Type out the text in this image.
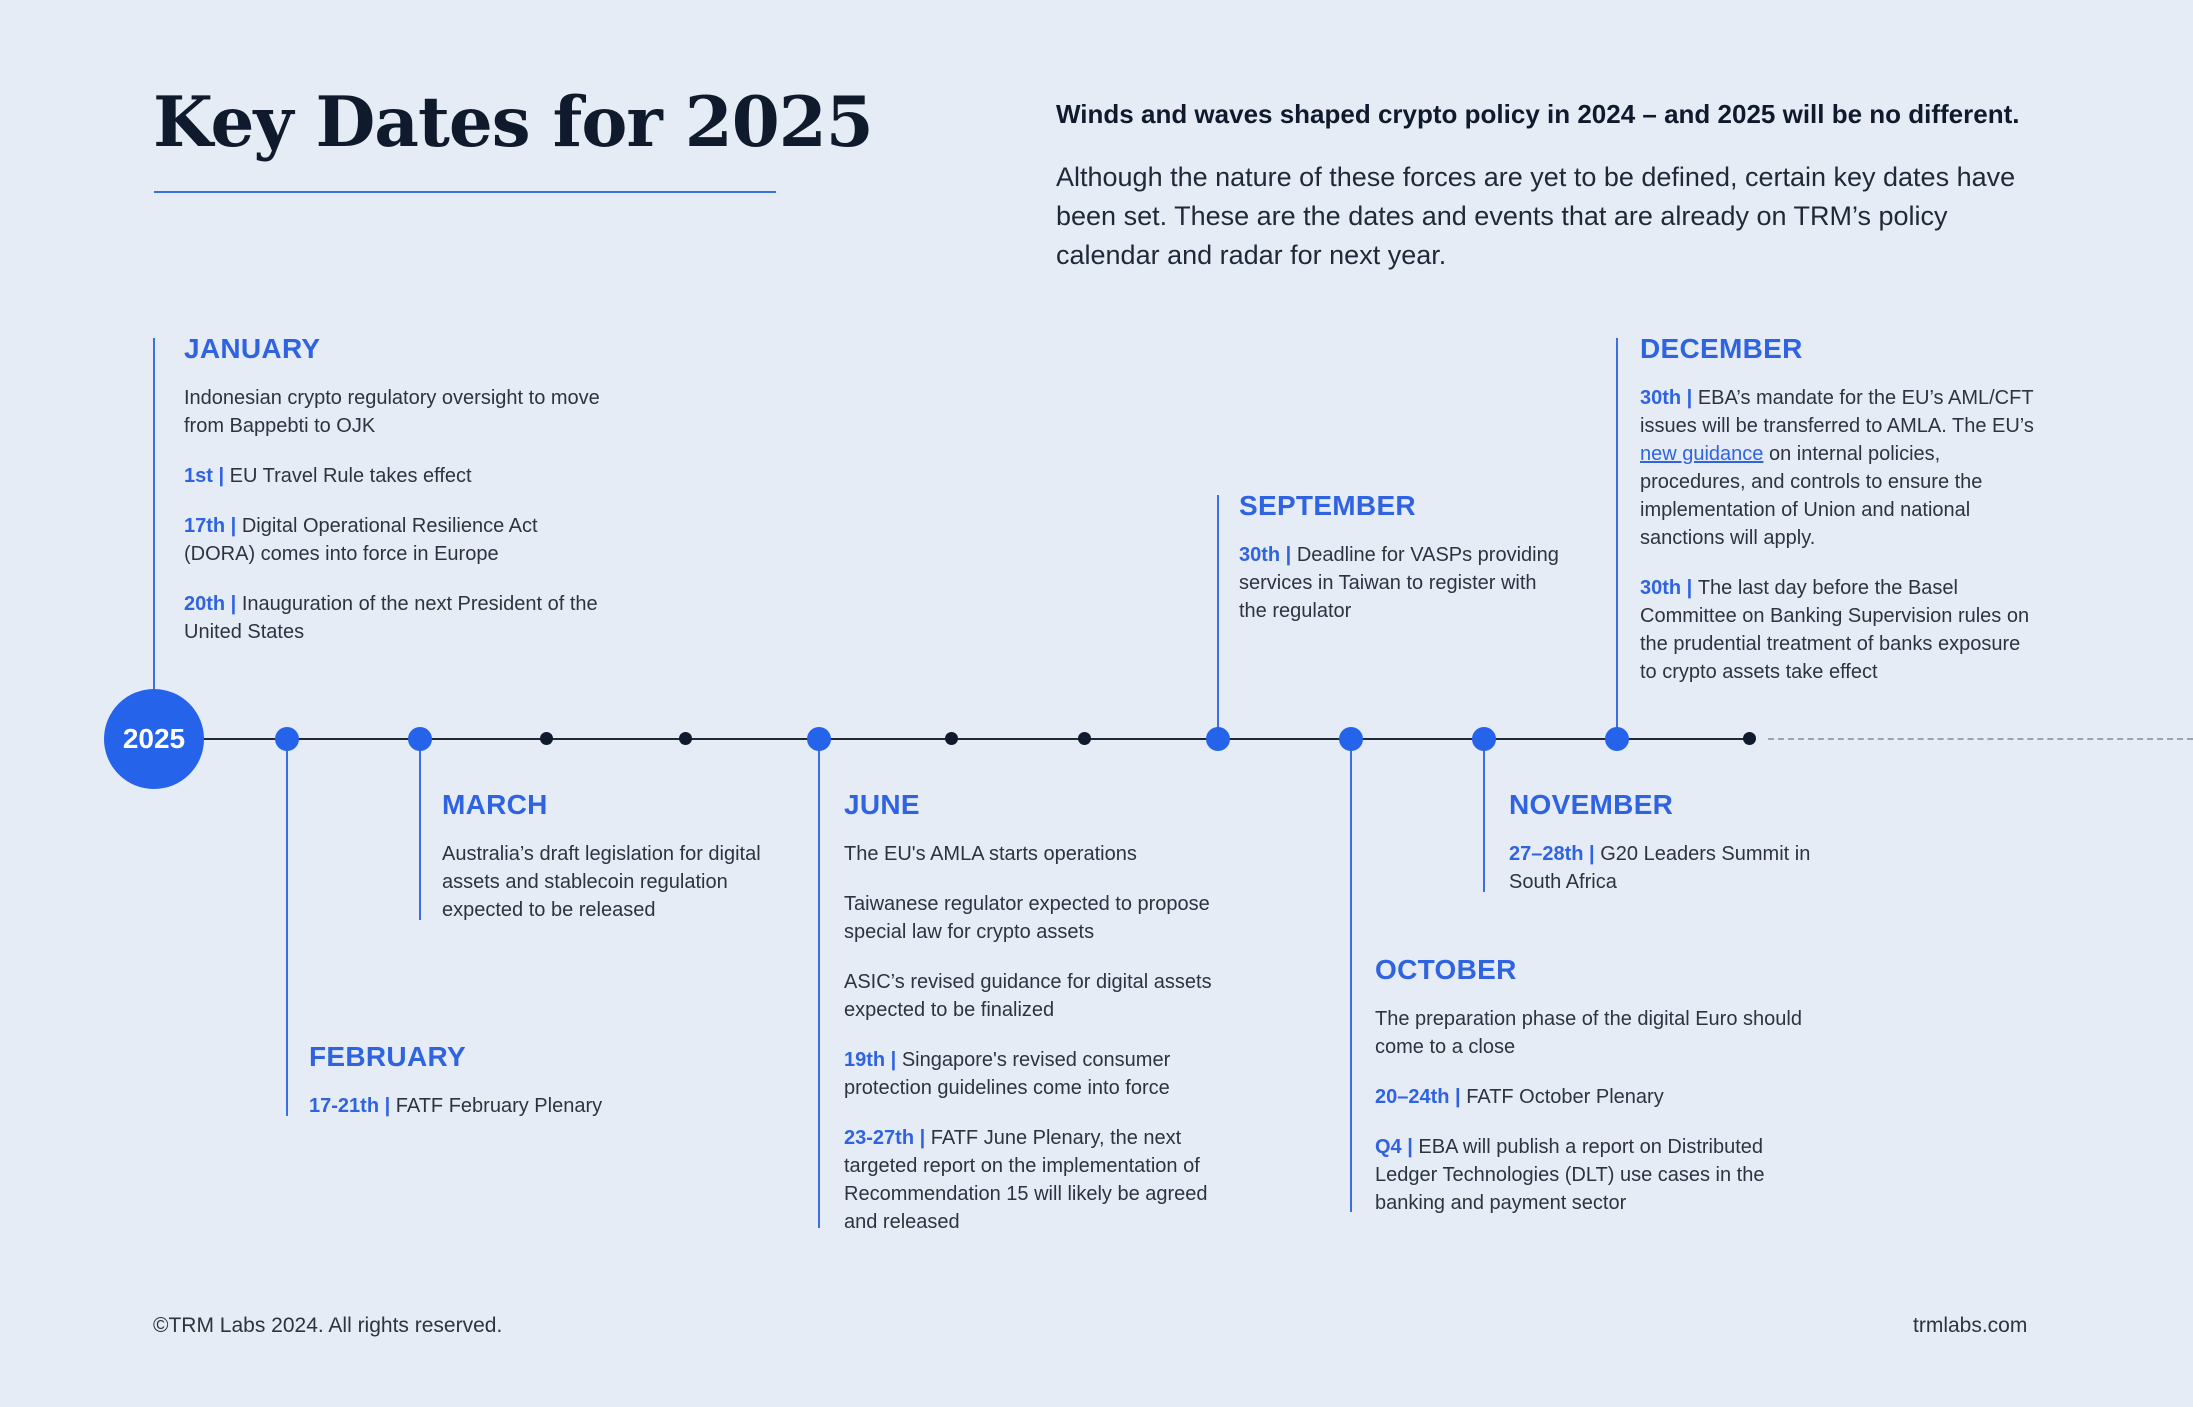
Key Dates for 2025	Winds and waves shaped crypto policy in 2024 – and 2025 will be no different.
Although the nature of these forces are yet to be defined, certain key dates have been set. These are the dates and events that are already on TRM’s policy calendar and radar for next year.
2025
JANUARY
Indonesian crypto regulatory oversight to move from Bappebti to OJK
1st | EU Travel Rule takes effect
17th | Digital Operational Resilience Act (DORA) comes into force in Europe
20th | Inauguration of the next President of the United States
FEBRUARY
17-21th | FATF February Plenary
MARCH
Australia’s draft legislation for digital assets and stablecoin regulation expected to be released
JUNE
The EU's AMLA starts operations
Taiwanese regulator expected to propose special law for crypto assets
ASIC’s revised guidance for digital assets expected to be finalized
19th | Singapore's revised consumer protection guidelines come into force
23-27th | FATF June Plenary, the next targeted report on the implementation of Recommendation 15 will likely be agreed and released
SEPTEMBER
30th | Deadline for VASPs providing services in Taiwan to register with the regulator
OCTOBER
The preparation phase of the digital Euro should come to a close
20–24th | FATF October Plenary
Q4 | EBA will publish a report on Distributed Ledger Technologies (DLT) use cases in the banking and payment sector
NOVEMBER
27–28th | G20 Leaders Summit in South Africa
DECEMBER
30th | EBA’s mandate for the EU’s AML/CFT issues will be transferred to AMLA. The EU’s new guidance on internal policies, procedures, and controls to ensure the implementation of Union and national sanctions will apply.
30th | The last day before the Basel Committee on Banking Supervision rules on the prudential treatment of banks exposure to crypto assets take effect
©TRM Labs 2024. All rights reserved.	trmlabs.com
